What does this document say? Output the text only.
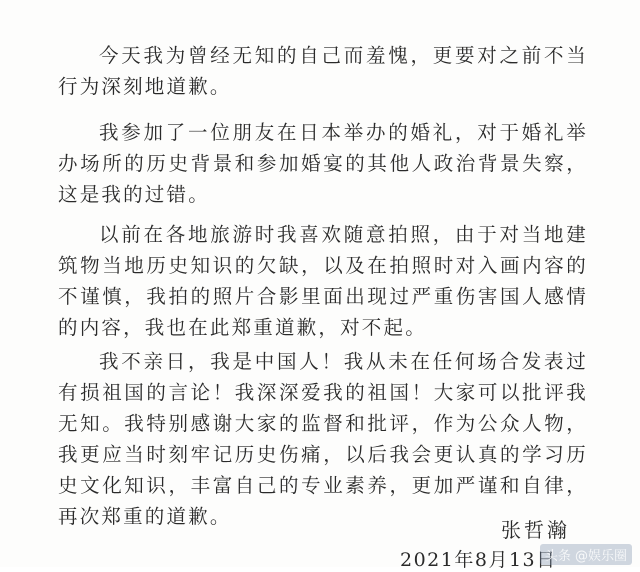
今天我为曾经无知的自己而羞愧，更要对之前不当行为深刻地道歉。

我参加了一位朋友在日本举办的婚礼，对于婚礼举办场所的历史背景和参加婚宴的其他人政治背景失察，这是我的过错。

以前在各地旅游时我喜欢随意拍照，由于对当地建筑物当地历史知识的欠缺，以及在拍照时对入画内容的不谨慎，我拍的照片合影里面出现过严重伤害国人感情的内容，我也在此郑重道歉，对不起。

我不亲日，我是中国人！我从未在任何场合发表过有损祖国的言论！我深深爱我的祖国！大家可以批评我无知。我特别感谢大家的监督和批评，作为公众人物，我更应当时刻牢记历史伤痛，以后我会更认真的学习历史文化知识，丰富自己的专业素养，更加严谨和自律，再次郑重的道歉。

张哲瀚

2021年8月13日

头条 @娱乐圈
